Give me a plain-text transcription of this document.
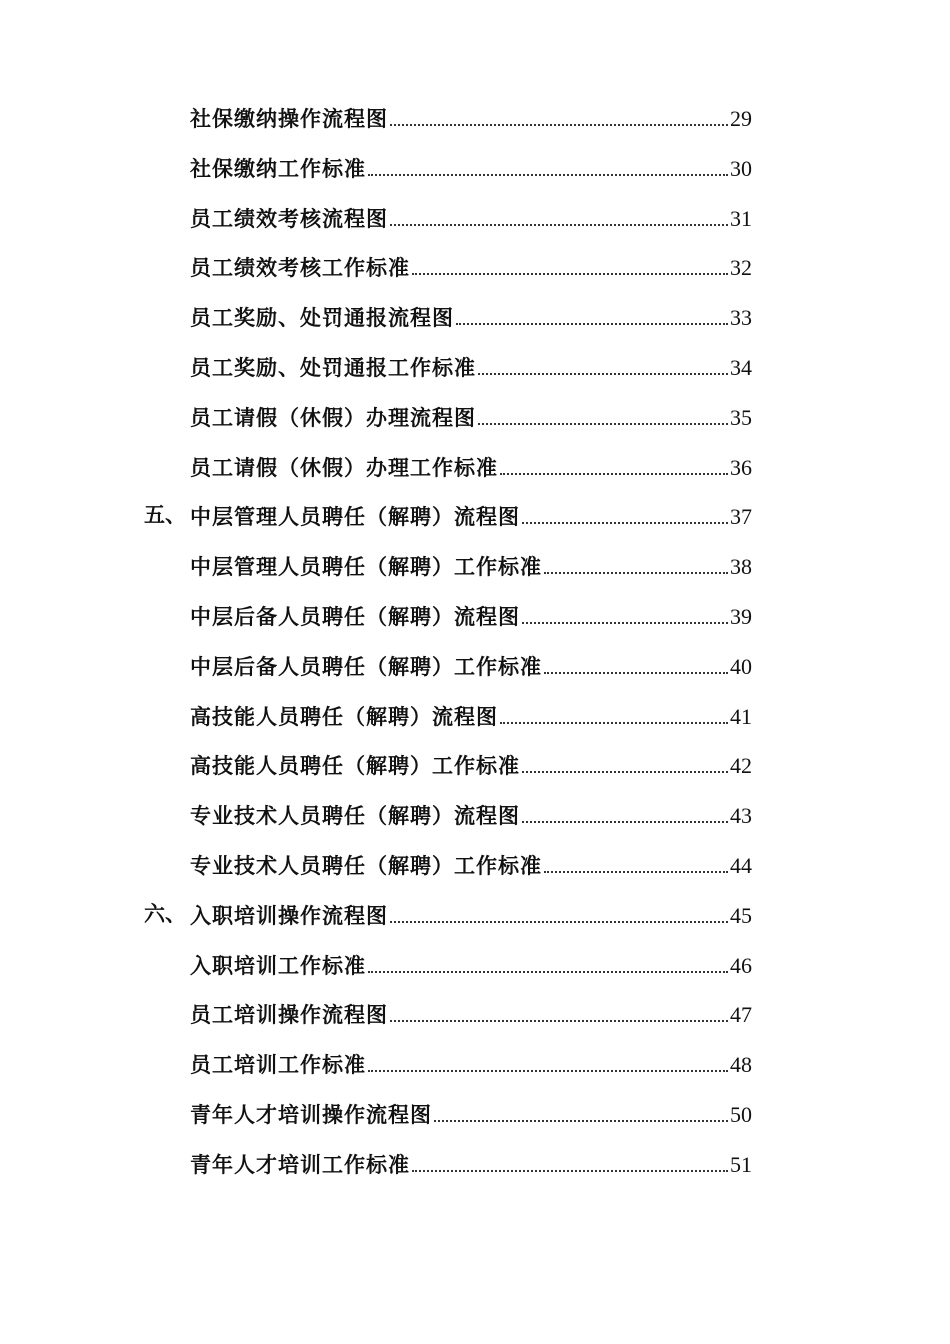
社保缴纳操作流程图	29
社保缴纳工作标准	30
员工绩效考核流程图	31
员工绩效考核工作标准	32
员工奖励、处罚通报流程图	33
员工奖励、处罚通报工作标准	34
员工请假（休假）办理流程图	35
员工请假（休假）办理工作标准	36
五、 中层管理人员聘任（解聘）流程图	37
中层管理人员聘任（解聘）工作标准	38
中层后备人员聘任（解聘）流程图	39
中层后备人员聘任（解聘）工作标准	40
高技能人员聘任（解聘）流程图	41
高技能人员聘任（解聘）工作标准	42
专业技术人员聘任（解聘）流程图	43
专业技术人员聘任（解聘）工作标准	44
六、 入职培训操作流程图	45
入职培训工作标准	46
员工培训操作流程图	47
员工培训工作标准	48
青年人才培训操作流程图	50
青年人才培训工作标准	51
